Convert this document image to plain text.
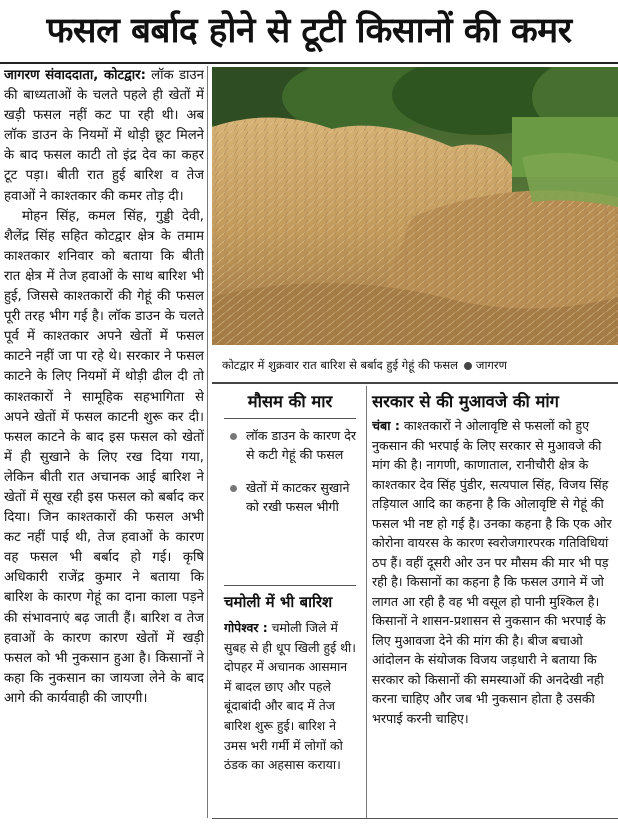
फसल बर्बाद होने से टूटी किसानों की कमर

जागरण संवाददाता, कोटद्वार: लॉक डाउन की बाध्यताओं के चलते पहले ही खेतों में खड़ी फसल नहीं कट पा रही थी। अब लॉक डाउन के नियमों में थोड़ी छूट मिलने के बाद फसल काटी तो इंद्र देव का कहर टूट पड़ा। बीती रात हुई बारिश व तेज हवाओं ने काश्तकार की कमर तोड़ दी।

मोहन सिंह, कमल सिंह, गुड्डी देवी, शैलेंद्र सिंह सहित कोटद्वार क्षेत्र के तमाम काश्तकार शनिवार को बताया कि बीती रात क्षेत्र में तेज हवाओं के साथ बारिश भी हुई, जिससे काश्तकारों की गेहूं की फसल पूरी तरह भीग गई है। लॉक डाउन के चलते पूर्व में काश्तकार अपने खेतों में फसल काटने नहीं जा पा रहे थे। सरकार ने फसल काटने के लिए नियमों में थोड़ी ढील दी तो काश्तकारों ने सामूहिक सहभागिता से अपने खेतों में फसल काटनी शुरू कर दी। फसल काटने के बाद इस फसल को खेतों में ही सुखाने के लिए रख दिया गया, लेकिन बीती रात अचानक आई बारिश ने खेतों में सूख रही इस फसल को बर्बाद कर दिया। जिन काश्तकारों की फसल अभी कट नहीं पाई थी, तेज हवाओं के कारण वह फसल भी बर्बाद हो गई। कृषि अधिकारी राजेंद्र कुमार ने बताया कि बारिश के कारण गेहूं का दाना काला पड़ने की संभावनाएं बढ़ जाती हैं। बारिश व तेज हवाओं के कारण कारण खेतों में खड़ी फसल को भी नुकसान हुआ है। किसानों ने कहा कि नुकसान का जायजा लेने के बाद आगे की कार्यवाही की जाएगी।

कोटद्वार में शुक्रवार रात बारिश से बर्बाद हुई गेहूं की फसल जागरण
मौसम की मार
लॉक डाउन के कारण देर से कटी गेहूं की फसल
खेतों में काटकर सुखाने को रखी फसल भीगी
चमोली में भी बारिश

गोपेश्वर : चमोली जिले में सुबह से ही धूप खिली हुई थी। दोपहर में अचानक आसमान में बादल छाए और पहले बूंदाबांदी और बाद में तेज बारिश शुरू हुई। बारिश ने उमस भरी गर्मी में लोगों को ठंडक का अहसास कराया।

सरकार से की मुआवजे की मांग

चंबा : काश्तकारों ने ओलावृष्टि से फसलों को हुए नुकसान की भरपाई के लिए सरकार से मुआवजे की मांग की है। नागणी, काणाताल, रानीचौरी क्षेत्र के काश्तकार देव सिंह पुंडीर, सत्यपाल सिंह, विजय सिंह तड़ियाल आदि का कहना है कि ओलावृष्टि से गेहूं की फसल भी नष्ट हो गई है। उनका कहना है कि एक ओर कोरोना वायरस के कारण स्वरोजगारपरक गतिविधियां ठप हैं। वहीं दूसरी ओर उन पर मौसम की मार भी पड़ रही है। किसानों का कहना है कि फसल उगाने में जो लागत आ रही है वह भी वसूल हो पानी मुश्किल है। किसानों ने शासन-प्रशासन से नुकसान की भरपाई के लिए मुआवजा देने की मांग की है। बीज बचाओ आंदोलन के संयोजक विजय जड़धारी ने बताया कि सरकार को किसानों की समस्याओं की अनदेखी नही करना चाहिए और जब भी नुकसान होता है उसकी भरपाई करनी चाहिए।
